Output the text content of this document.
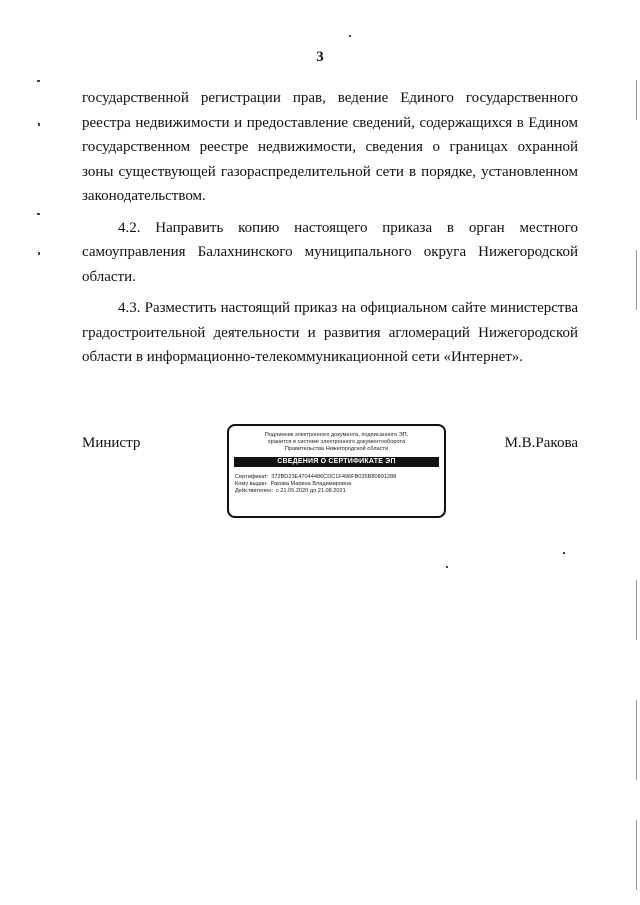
3

государственной регистрации прав, ведение Единого государственного реестра недвижимости и предоставление сведений, содержащихся в Едином государственном реестре недвижимости, сведения о границах охранной зоны существующей газораспределительной сети в порядке, установленном законодательством.

4.2. Направить копию настоящего приказа в орган местного самоуправления Балахнинского муниципального округа Нижегородской области.

4.3. Разместить настоящий приказ на официальном сайте министерства градостроительной деятельности и развития агломераций Нижегородской области в информационно-телекоммуникационной сети «Интернет».

Министр	Подлинник электронного документа, подписанного ЭП,
хранится в системе электронного документооборота
Правительства Нижегородской области
СВЕДЕНИЯ О СЕРТИФИКАТЕ ЭП
Сертификат: 372BD23E47044486CDC1F496FB035B80891288
Кому выдан: Ракова Марина Владимировна
Действителен: с 21.05.2020 до 21.08.2021
М.В.Ракова
